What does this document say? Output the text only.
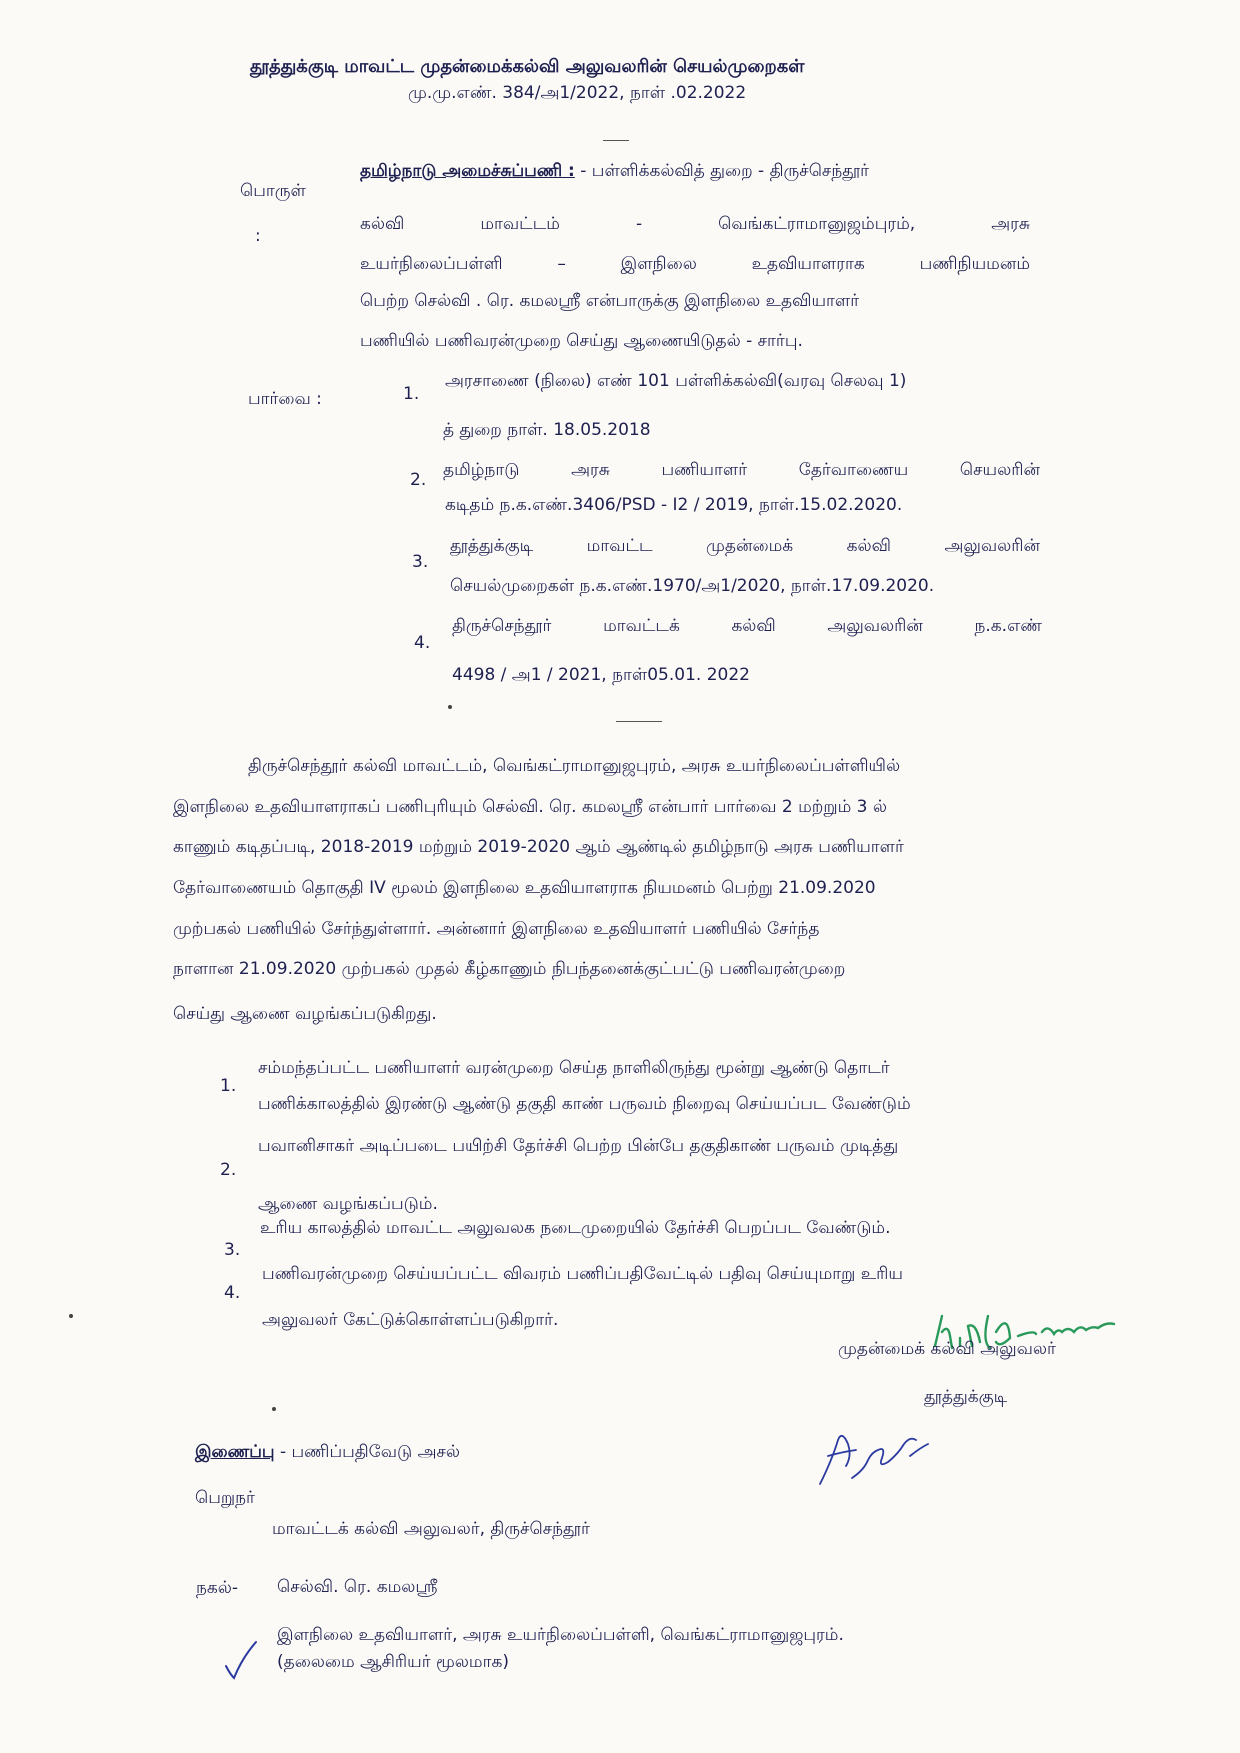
தூத்துக்குடி மாவட்ட முதன்மைக்கல்வி அலுவலரின் செயல்முறைகள்
மு.மு.எண். 384/அ1/2022, நாள் .02.2022
பொருள்
:
தமிழ்நாடு அமைச்சுப்பணி : - பள்ளிக்கல்வித் துறை - திருச்செந்தூர்
கல்வி	மாவட்டம்	-	வெங்கட்ராமானுஜம்புரம்,	அரசு
உயர்நிலைப்பள்ளி	–	இளநிலை	உதவியாளராக	பணிநியமனம்
பெற்ற செல்வி . ரெ. கமலஸ்ரீ என்பாருக்கு இளநிலை உதவியாளர்
பணியில் பணிவரன்முறை செய்து ஆணையிடுதல் - சார்பு.
பார்வை :	1.
அரசாணை (நிலை) எண் 101 பள்ளிக்கல்வி(வரவு செலவு 1)
த் துறை நாள். 18.05.2018
2. தமிழ்நாடு	அரசு	பணியாளர்	தேர்வாணைய	செயலரின்
கடிதம் ந.க.எண்.3406/PSD - I2 / 2019, நாள்.15.02.2020.
3.
தூத்துக்குடி	மாவட்ட	முதன்மைக்	கல்வி	அலுவலரின்
செயல்முறைகள் ந.க.எண்.1970/அ1/2020, நாள்.17.09.2020.
4.
திருச்செந்தூர்	மாவட்டக்	கல்வி	அலுவலரின்	ந.க.எண்
4498 / அ1 / 2021, நாள்05.01. 2022
திருச்செந்தூர் கல்வி மாவட்டம், வெங்கட்ராமானுஜபுரம், அரசு உயர்நிலைப்பள்ளியில்
இளநிலை உதவியாளராகப் பணிபுரியும் செல்வி. ரெ. கமலஸ்ரீ என்பார் பார்வை 2 மற்றும் 3 ல்
காணும் கடிதப்படி, 2018-2019 மற்றும் 2019-2020 ஆம் ஆண்டில் தமிழ்நாடு அரசு பணியாளர்
தேர்வாணையம் தொகுதி IV மூலம் இளநிலை உதவியாளராக நியமனம் பெற்று 21.09.2020
முற்பகல் பணியில் சேர்ந்துள்ளார். அன்னார் இளநிலை உதவியாளர் பணியில் சேர்ந்த
நாளான 21.09.2020 முற்பகல் முதல் கீழ்காணும் நிபந்தனைக்குட்பட்டு பணிவரன்முறை
செய்து ஆணை வழங்கப்படுகிறது.
1.
சம்மந்தப்பட்ட பணியாளர் வரன்முறை செய்த நாளிலிருந்து மூன்று ஆண்டு தொடர்
பணிக்காலத்தில் இரண்டு ஆண்டு தகுதி காண் பருவம் நிறைவு செய்யப்பட வேண்டும்
2.
பவானிசாகர் அடிப்படை பயிற்சி தேர்ச்சி பெற்ற பின்பே தகுதிகாண் பருவம் முடித்து
ஆணை வழங்கப்படும்.
3.
உரிய காலத்தில் மாவட்ட அலுவலக நடைமுறையில் தேர்ச்சி பெறப்பட வேண்டும்.
4.
பணிவரன்முறை செய்யப்பட்ட விவரம் பணிப்பதிவேட்டில் பதிவு செய்யுமாறு உரிய
அலுவலர் கேட்டுக்கொள்ளப்படுகிறார்.
முதன்மைக் கல்வி அலுவலர்
தூத்துக்குடி
இணைப்பு - பணிப்பதிவேடு அசல்
பெறுநர்
மாவட்டக் கல்வி அலுவலர், திருச்செந்தூர்
நகல்- செல்வி. ரெ. கமலஸ்ரீ
இளநிலை உதவியாளர், அரசு உயர்நிலைப்பள்ளி, வெங்கட்ராமானுஜபுரம்.
(தலைமை ஆசிரியர் மூலமாக)
